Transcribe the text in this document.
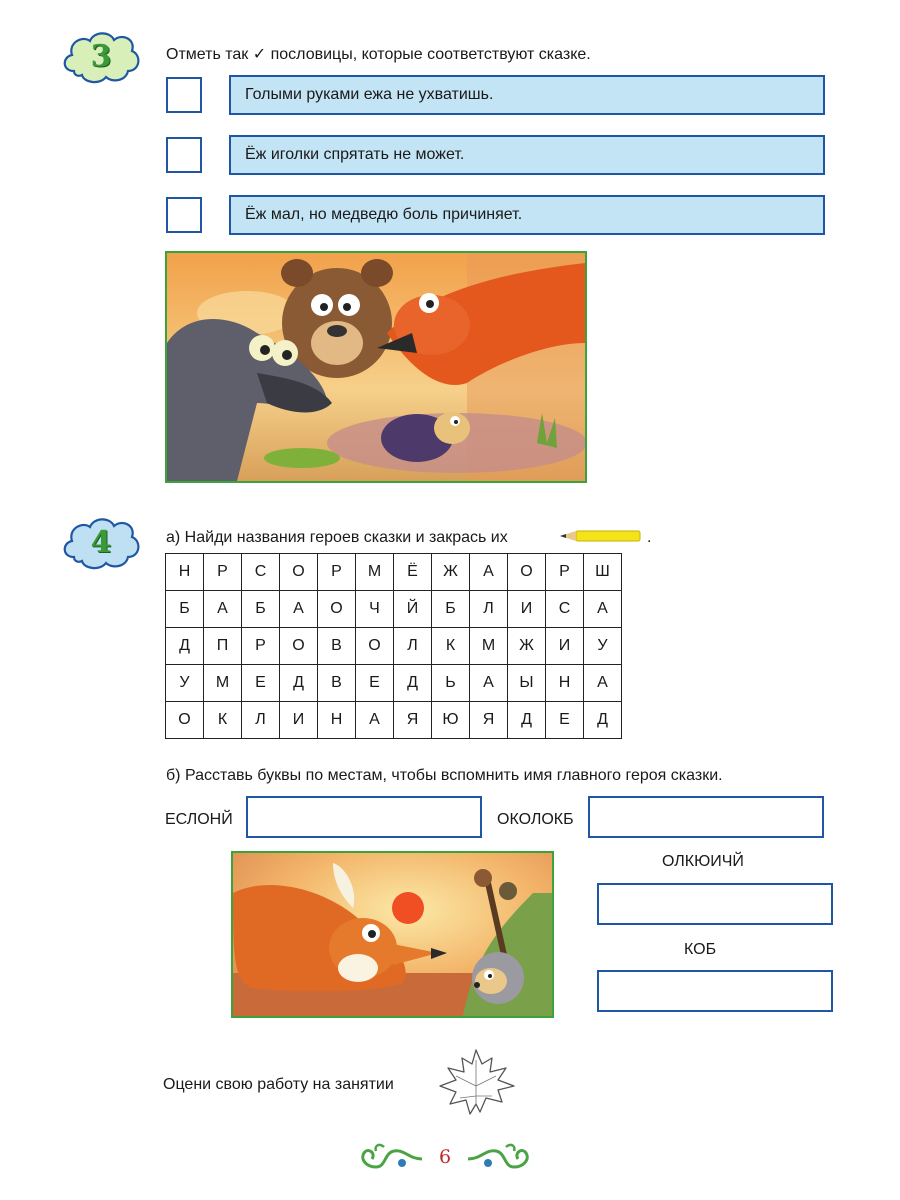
3	Отметь так ✓ пословицы, которые соответствуют сказке.
Голыми руками ежа не ухватишь.
Ёж иголки спрятать не может.
Ёж мал, но медведю боль причиняет.
4	а) Найди названия героев сказки и закрась их	.
Н	Р	С	О	Р	М	Ё	Ж	А	О	Р	Ш
Б	А	Б	А	О	Ч	Й	Б	Л	И	С	А
Д	П	Р	О	В	О	Л	К	М	Ж	И	У
У	М	Е	Д	В	Е	Д	Ь	А	Ы	Н	А
О	К	Л	И	Н	А	Я	Ю	Я	Д	Е	Д
б) Расставь буквы по местам, чтобы вспомнить имя главного героя сказки.
ЕСЛОНЙ	ОКОЛОКБ
ОЛКЮИЧЙ
КОБ
Оцени свою работу на занятии
6
